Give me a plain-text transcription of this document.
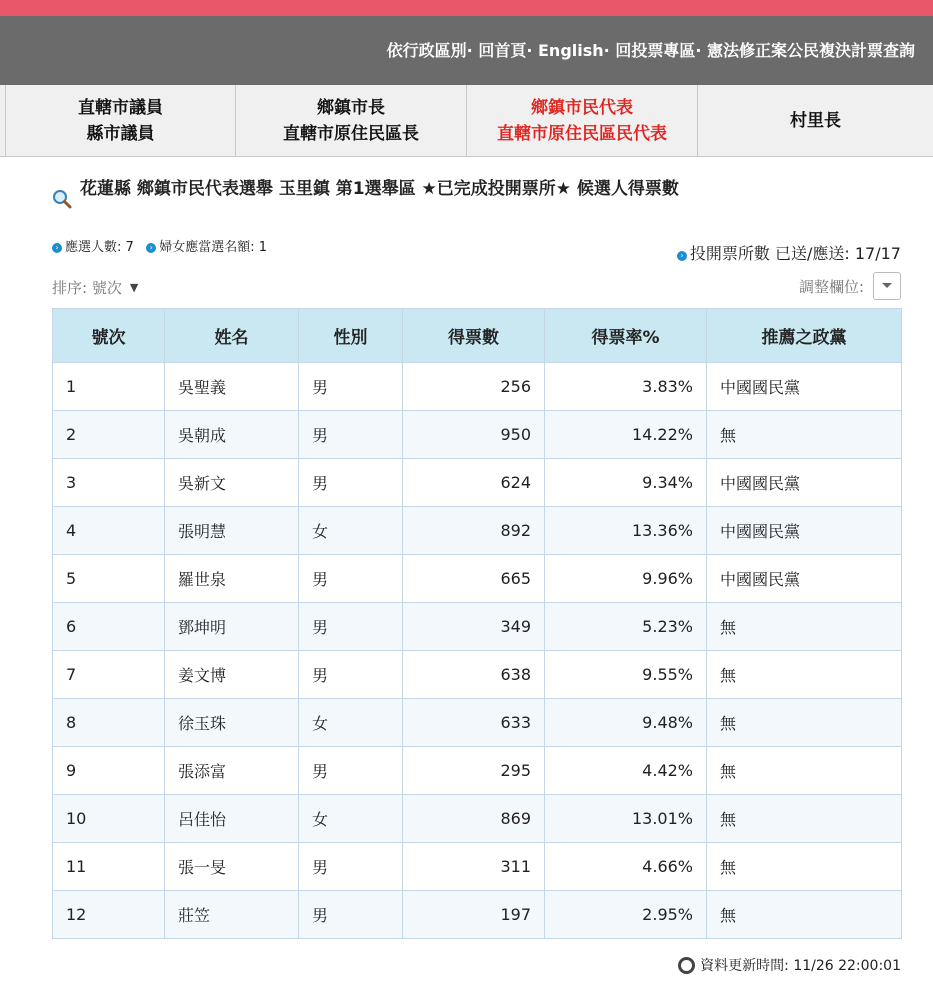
依行政區別· 回首頁· English· 回投票專區· 憲法修正案公民複決計票查詢
直轄市議員
縣市議員
鄉鎮市長
直轄市原住民區長
鄉鎮市民代表
直轄市原住民區民代表
村里長
花蓮縣 鄉鎮市民代表選舉 玉里鎮 第1選舉區 ★已完成投開票所★ 候選人得票數
› 應選人數: 7 › 婦女應當選名額: 1
› 投開票所數 已送/應送: 17/17
排序: 號次 ▼	調整欄位:
號次	姓名	性別	得票數	得票率%	推薦之政黨
1	吳聖義	男	256	3.83%	中國國民黨
2	吳朝成	男	950	14.22%	無
3	吳新文	男	624	9.34%	中國國民黨
4	張明慧	女	892	13.36%	中國國民黨
5	羅世泉	男	665	9.96%	中國國民黨
6	鄧坤明	男	349	5.23%	無
7	姜文博	男	638	9.55%	無
8	徐玉珠	女	633	9.48%	無
9	張添富	男	295	4.42%	無
10	呂佳怡	女	869	13.01%	無
11	張一旻	男	311	4.66%	無
12	莊笠	男	197	2.95%	無
資料更新時間: 11/26 22:00:01
